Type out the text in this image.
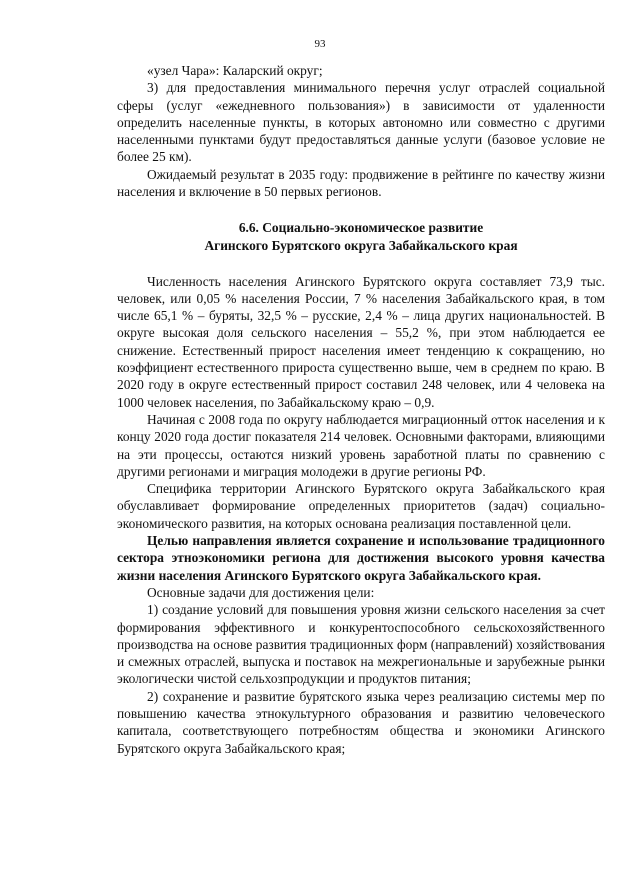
93

«узел Чара»: Каларский округ;

3) для предоставления минимального перечня услуг отраслей социальной сферы (услуг «ежедневного пользования») в зависимости от удаленности определить населенные пункты, в которых автономно или совместно с другими населенными пунктами будут предоставляться данные услуги (базовое условие не более 25 км).

Ожидаемый результат в 2035 году: продвижение в рейтинге по качеству жизни населения и включение в 50 первых регионов.

6.6. Социально-экономическое развитие
Агинского Бурятского округа Забайкальского края

Численность населения Агинского Бурятского округа составляет 73,9 тыс. человек, или 0,05 % населения России, 7 % населения Забайкальского края, в том числе 65,1 % – буряты, 32,5 % – русские, 2,4 % – лица других национальностей. В округе высокая доля сельского населения – 55,2 %, при этом наблюдается ее снижение. Естественный прирост населения имеет тенденцию к сокращению, но коэффициент естественного прироста существенно выше, чем в среднем по краю. В 2020 году в округе естественный прирост составил 248 человек, или 4 человека на 1000 человек населения, по Забайкальскому краю – 0,9.

Начиная с 2008 года по округу наблюдается миграционный отток населения и к концу 2020 года достиг показателя 214 человек. Основными факторами, влияющими на эти процессы, остаются низкий уровень заработной платы по сравнению с другими регионами и миграция молодежи в другие регионы РФ.

Специфика территории Агинского Бурятского округа Забайкальского края обуславливает формирование определенных приоритетов (задач) социально-экономического развития, на которых основана реализация поставленной цели.

Целью направления является сохранение и использование традиционного сектора этноэкономики региона для достижения высокого уровня качества жизни населения Агинского Бурятского округа Забайкальского края.

Основные задачи для достижения цели:

1) создание условий для повышения уровня жизни сельского населения за счет формирования эффективного и конкурентоспособного сельскохозяйственного производства на основе развития традиционных форм (направлений) хозяйствования и смежных отраслей, выпуска и поставок на межрегиональные и зарубежные рынки экологически чистой сельхозпродукции и продуктов питания;

2) сохранение и развитие бурятского языка через реализацию системы мер по повышению качества этнокультурного образования и развитию человеческого капитала, соответствующего потребностям общества и экономики Агинского Бурятского округа Забайкальского края;
